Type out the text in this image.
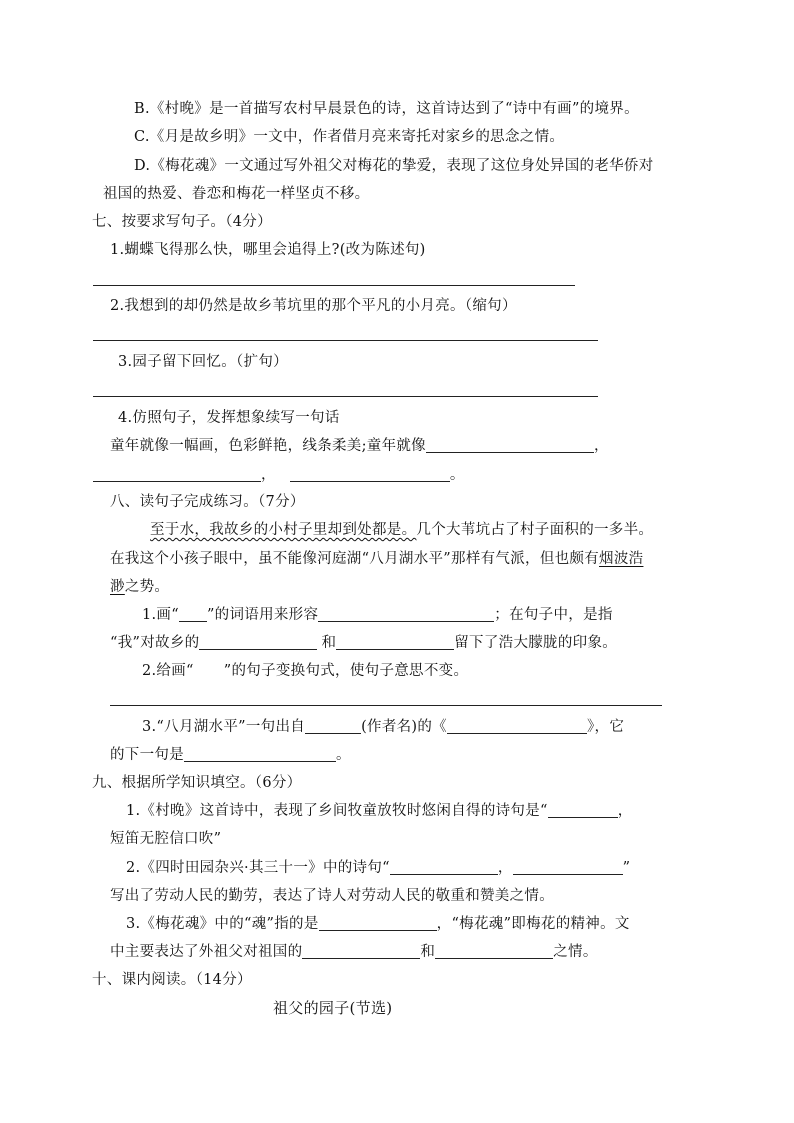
B.《村晚》是一首描写农村早晨景色的诗，这首诗达到了“诗中有画”的境界。
C.《月是故乡明》一文中，作者借月亮来寄托对家乡的思念之情。
D.《梅花魂》一文通过写外祖父对梅花的挚爱，表现了这位身处异国的老华侨对
祖国的热爱、眷恋和梅花一样坚贞不移。
七、按要求写句子。（4分）
1.蝴蝶飞得那么快，哪里会追得上?(改为陈述句)
2.我想到的却仍然是故乡苇坑里的那个平凡的小月亮。（缩句）
3.园子留下回忆。（扩句）
4.仿照句子，发挥想象续写一句话
童年就像一幅画，色彩鲜艳，线条柔美;童年就像	，
，	。
八、读句子完成练习。（7分）
至于水，我故乡的小村子里却到处都是。几个大苇坑占了村子面积的一多半。
在我这个小孩子眼中，虽不能像河庭湖“八月湖水平”那样有气派，但也颇有烟波浩
渺之势。
1.画“ ”的词语用来形容	；在句子中，是指
“我”对故乡的	和	留下了浩大朦胧的印象。
2.给画“ ”的句子变换句式，使句子意思不变。
3.“八月湖水平”一句出自	(作者名)的《	》，它
的下一句是	。
九、根据所学知识填空。（6分）
1.《村晚》这首诗中，表现了乡间牧童放牧时悠闲自得的诗句是“	，
短笛无腔信口吹”
2.《四时田园杂兴·其三十一》中的诗句“	，	”
写出了劳动人民的勤劳，表达了诗人对劳动人民的敬重和赞美之情。
3.《梅花魂》中的“魂”指的是	，“梅花魂”即梅花的精神。文
中主要表达了外祖父对祖国的	和	之情。
十、课内阅读。（14分）
祖父的园子(节选)
